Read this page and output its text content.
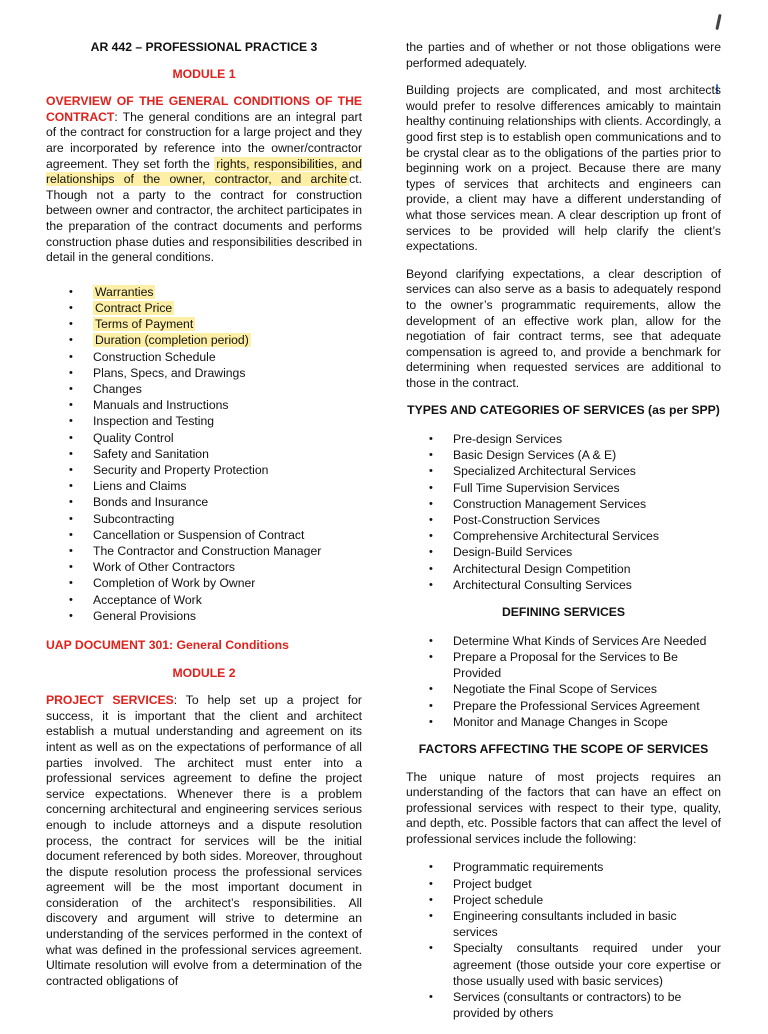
AR 442 – PROFESSIONAL PRACTICE 3
MODULE 1

OVERVIEW OF THE GENERAL CONDITIONS OF THE CONTRACT: The general conditions are an integral part of the contract for construction for a large project and they are incorporated by reference into the owner/contractor agreement. They set forth the rights, responsibilities, and relationships of the owner, contractor, and archite ct. Though not a party to the contract for construction between owner and contractor, the architect participates in the preparation of the contract documents and performs construction phase duties and responsibilities described in detail in the general conditions.

• Warranties
• Contract Price
• Terms of Payment
• Duration (completion period)
• Construction Schedule
• Plans, Specs, and Drawings
• Changes
• Manuals and Instructions
• Inspection and Testing
• Quality Control
• Safety and Sanitation
• Security and Property Protection
• Liens and Claims
• Bonds and Insurance
• Subcontracting
• Cancellation or Suspension of Contract
• The Contractor and Construction Manager
• Work of Other Contractors
• Completion of Work by Owner
• Acceptance of Work
• General Provisions
UAP DOCUMENT 301: General Conditions
MODULE 2

PROJECT SERVICES: To help set up a project for success, it is important that the client and architect establish a mutual understanding and agreement on its intent as well as on the expectations of performance of all parties involved. The architect must enter into a professional services agreement to define the project service expectations. Whenever there is a problem concerning architectural and engineering services serious enough to include attorneys and a dispute resolution process, the contract for services will be the initial document referenced by both sides. Moreover, throughout the dispute resolution process the professional services agreement will be the most important document in consideration of the architect’s responsibilities. All discovery and argument will strive to determine an understanding of the services performed in the context of what was defined in the professional services agreement. Ultimate resolution will evolve from a determination of the contracted obligations of

the parties and of whether or not those obligations were performed adequately.

Building projects are complicated, and most architects would prefer to resolve differences amicably to maintain healthy continuing relationships with clients. Accordingly, a good first step is to establish open communications and to be crystal clear as to the obligations of the parties prior to beginning work on a project. Because there are many types of services that architects and engineers can provide, a client may have a different understanding of what those services mean. A clear description up front of services to be provided will help clarify the client’s expectations.

Beyond clarifying expectations, a clear description of services can also serve as a basis to adequately respond to the owner’s programmatic requirements, allow the development of an effective work plan, allow for the negotiation of fair contract terms, see that adequate compensation is agreed to, and provide a benchmark for determining when requested services are additional to those in the contract.

TYPES AND CATEGORIES OF SERVICES (as per SPP)
• Pre-design Services
• Basic Design Services (A & E)
• Specialized Architectural Services
• Full Time Supervision Services
• Construction Management Services
• Post-Construction Services
• Comprehensive Architectural Services
• Design-Build Services
• Architectural Design Competition
• Architectural Consulting Services
DEFINING SERVICES
• Determine What Kinds of Services Are Needed
• Prepare a Proposal for the Services to Be Provided
• Negotiate the Final Scope of Services
• Prepare the Professional Services Agreement
• Monitor and Manage Changes in Scope
FACTORS AFFECTING THE SCOPE OF SERVICES

The unique nature of most projects requires an understanding of the factors that can have an effect on professional services with respect to their type, quality, and depth, etc. Possible factors that can affect the level of professional services include the following:

• Programmatic requirements
• Project budget
• Project schedule
• Engineering consultants included in basic services
• Specialty consultants required under your agreement (those outside your core expertise or those usually used with basic services)
• Services (consultants or contractors) to be provided by others
